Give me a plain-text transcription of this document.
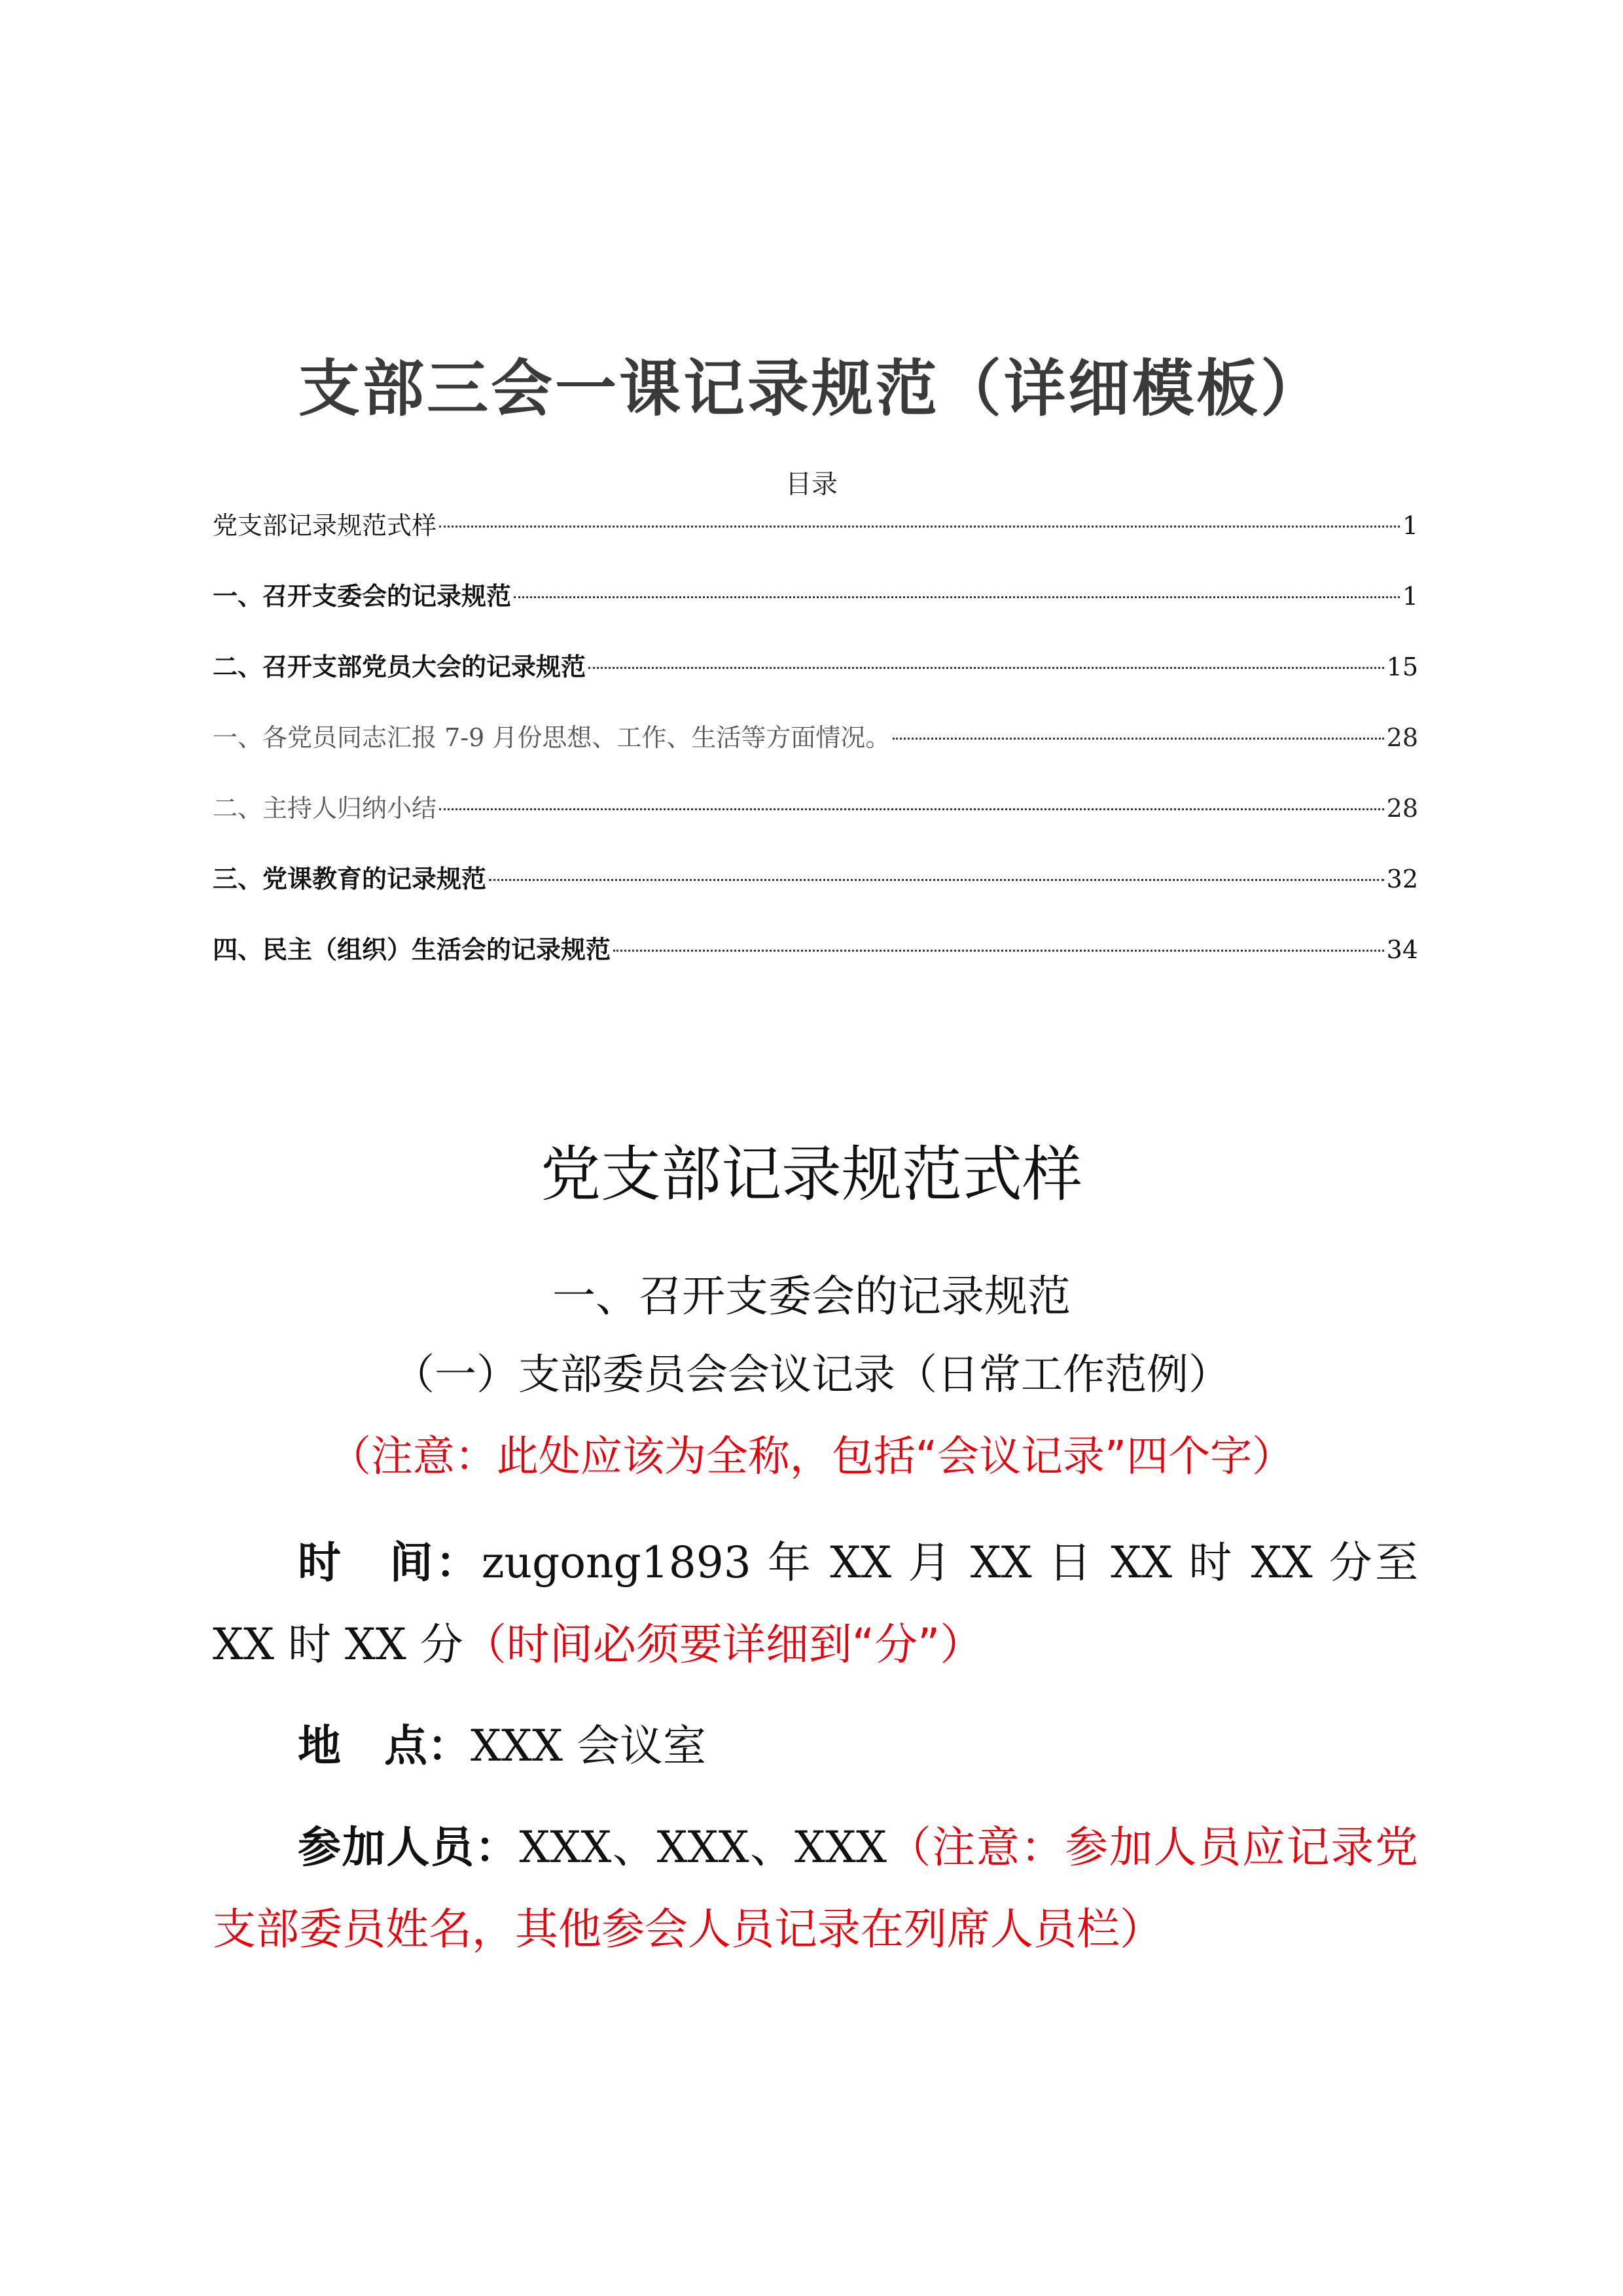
支部三会一课记录规范（详细模板）
目录
党支部记录规范式样	1
一、召开支委会的记录规范	1
二、召开支部党员大会的记录规范	15
一、各党员同志汇报 7-9 月份思想、工作、生活等方面情况。	28
二、主持人归纳小结	28
三、党课教育的记录规范	32
四、民主（组织）生活会的记录规范	34
党支部记录规范式样
一、召开支委会的记录规范
（一）支部委员会会议记录（日常工作范例）
（注意：此处应该为全称，包括“会议记录”四个字）
时　间：zugong1893 年 XX 月 XX 日 XX 时 XX 分至 XX 时 XX 分（时间必须要详细到“分”）
地　点：XXX 会议室
参加人员：XXX、XXX、XXX（注意：参加人员应记录党支部委员姓名，其他参会人员记录在列席人员栏）
